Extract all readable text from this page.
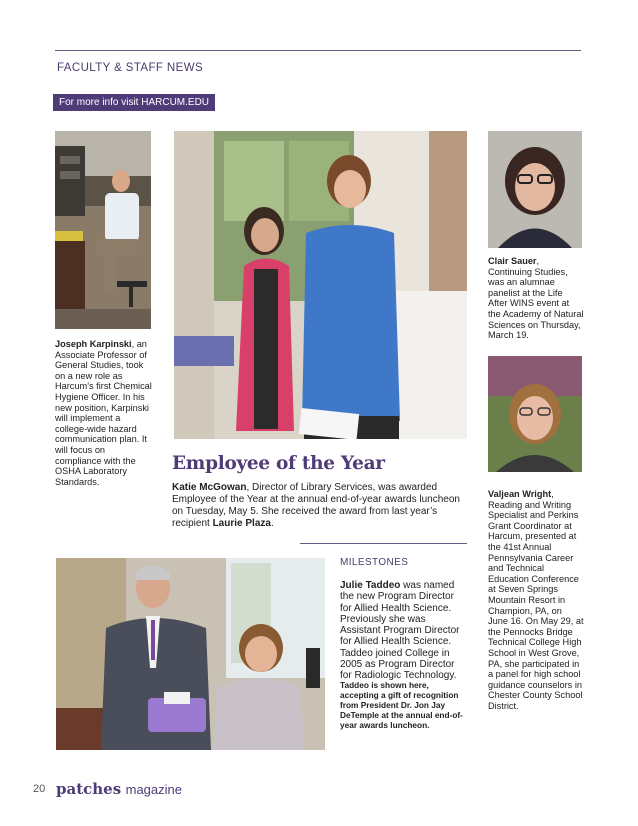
FACULTY & STAFF NEWS
For more info visit HARCUM.EDU
Joseph Karpinski, an Associate Professor of General Studies, took on a new role as Harcum’s first Chemical Hygiene Officer. In his new position, Karpinski will implement a college-wide hazard communication plan. It will focus on compliance with the OSHA Laboratory Standards.
Employee of the Year
Katie McGowan, Director of Library Services, was awarded Employee of the Year at the annual end-of-year awards luncheon on Tuesday, May 5. She received the award from last year’s recipient Laurie Plaza.
Clair Sauer, Continuing Studies, was an alumnae panelist at the Life After WINS event at the Academy of Natural Sciences on Thursday, March 19.
Valjean Wright, Reading and Writing Specialist and Perkins Grant Coordinator at Harcum, presented at the 41st Annual Pennsylvania Career and Technical Education Conference at Seven Springs Mountain Resort in Champion, PA, on June 16. On May 29, at the Pennocks Bridge Technical College High School in West Grove, PA, she participated in a panel for high school guidance counselors in Chester County School District.
MILESTONES
Julie Taddeo was named the new Program Director for Allied Health Science. Previously she was Assistant Program Director for Allied Health Science. Taddeo joined College in 2005 as Program Director for Radiologic Technology.
Taddeo is shown here, accepting a gift of recognition from President Dr. Jon Jay DeTemple at the annual end-of-year awards luncheon.
20 patches magazine
